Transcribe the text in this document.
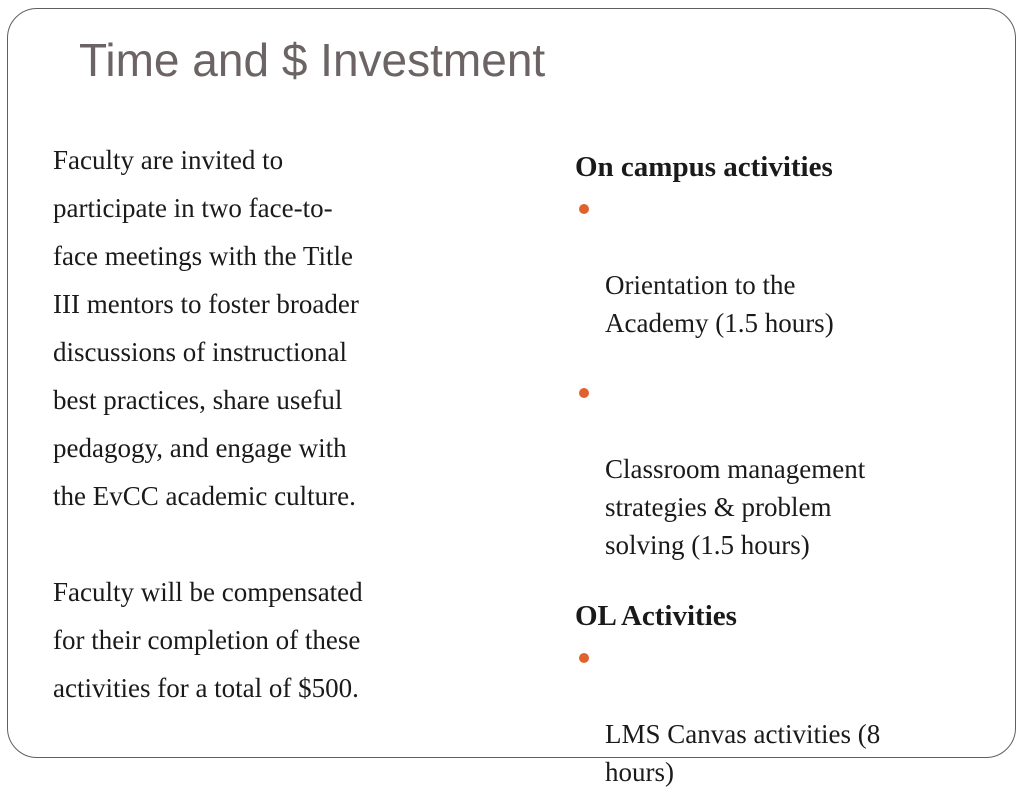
Time and $ Investment

Faculty are invited to
participate in two face-to-
face meetings with the Title
III mentors to foster broader
discussions of instructional
best practices, share useful
pedagogy, and engage with
the EvCC academic culture.

Faculty will be compensated
for their completion of these
activities for a total of $500.

On campus activities

Orientation to the
Academy (1.5 hours)

Classroom management
strategies & problem
solving (1.5 hours)

OL Activities

LMS Canvas activities (8
hours)
